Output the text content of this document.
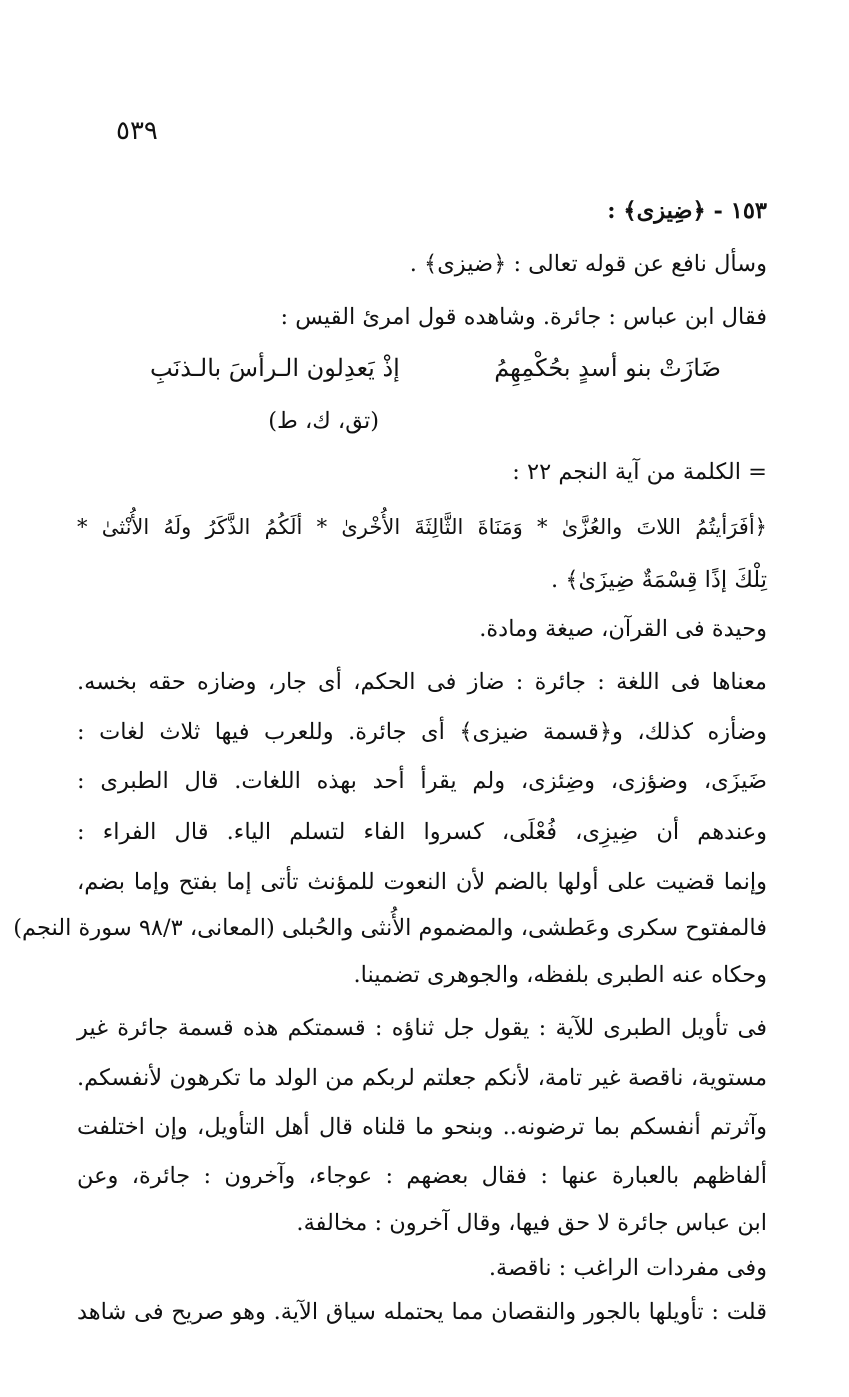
٥٣٩
١٥٣ - ﴿ضِيزى﴾ :
وسأل نافع عن قوله تعالى : ﴿ضيزى﴾ .
فقال ابن عباس : جائرة. وشاهده قول امرئ القيس :
ضَازَتْ بنو أسدٍ بحُكْمِهِمُ
إذْ يَعدِلون الـرأسَ بالـذنَبِ
(تق، ك، ط)
= الكلمة من آية النجم ٢٢ :
﴿أفَرَأيتُمُ اللاتَ والعُزَّىٰ * وَمَنَاةَ الثَّالِثَةَ الأُخْرىٰ * ألَكُمُ الذَّكَرُ ولَهُ الأُنْثىٰ *
تِلْكَ إذًا قِسْمَةٌ ضِيزَىٰ﴾ .
وحيدة فى القرآن، صيغة ومادة.
معناها فى اللغة : جائرة : ضاز فى الحكم، أى جار، وضازه حقه بخسه.
وضأزه كذلك، و﴿قسمة ضيزى﴾ أى جائرة. وللعرب فيها ثلاث لغات :
ضَيزَى، وضؤزى، وضِئزى، ولم يقرأ أحد بهذه اللغات. قال الطبرى :
وعندهم أن ضِيزِى، فُعْلَى، كسروا الفاء لتسلم الياء. قال الفراء :
وإنما قضيت على أولها بالضم لأن النعوت للمؤنث تأتى إما بفتح وإما بضم،
فالمفتوح سكرى وعَطشى، والمضموم الأُنثى والحُبلى (المعانى، ٩٨/٣ سورة النجم)
وحكاه عنه الطبرى بلفظه، والجوهرى تضمينا.
فى تأويل الطبرى للآية : يقول جل ثناؤه : قسمتكم هذه قسمة جائرة غير
مستوية، ناقصة غير تامة، لأنكم جعلتم لربكم من الولد ما تكرهون لأنفسكم.
وآثرتم أنفسكم بما ترضونه.. وبنحو ما قلناه قال أهل التأويل، وإن اختلفت
ألفاظهم بالعبارة عنها : فقال بعضهم : عوجاء، وآخرون : جائرة، وعن
ابن عباس جائرة لا حق فيها، وقال آخرون : مخالفة.
وفى مفردات الراغب : ناقصة.
قلت : تأويلها بالجور والنقصان مما يحتمله سياق الآية. وهو صريح فى شاهد
